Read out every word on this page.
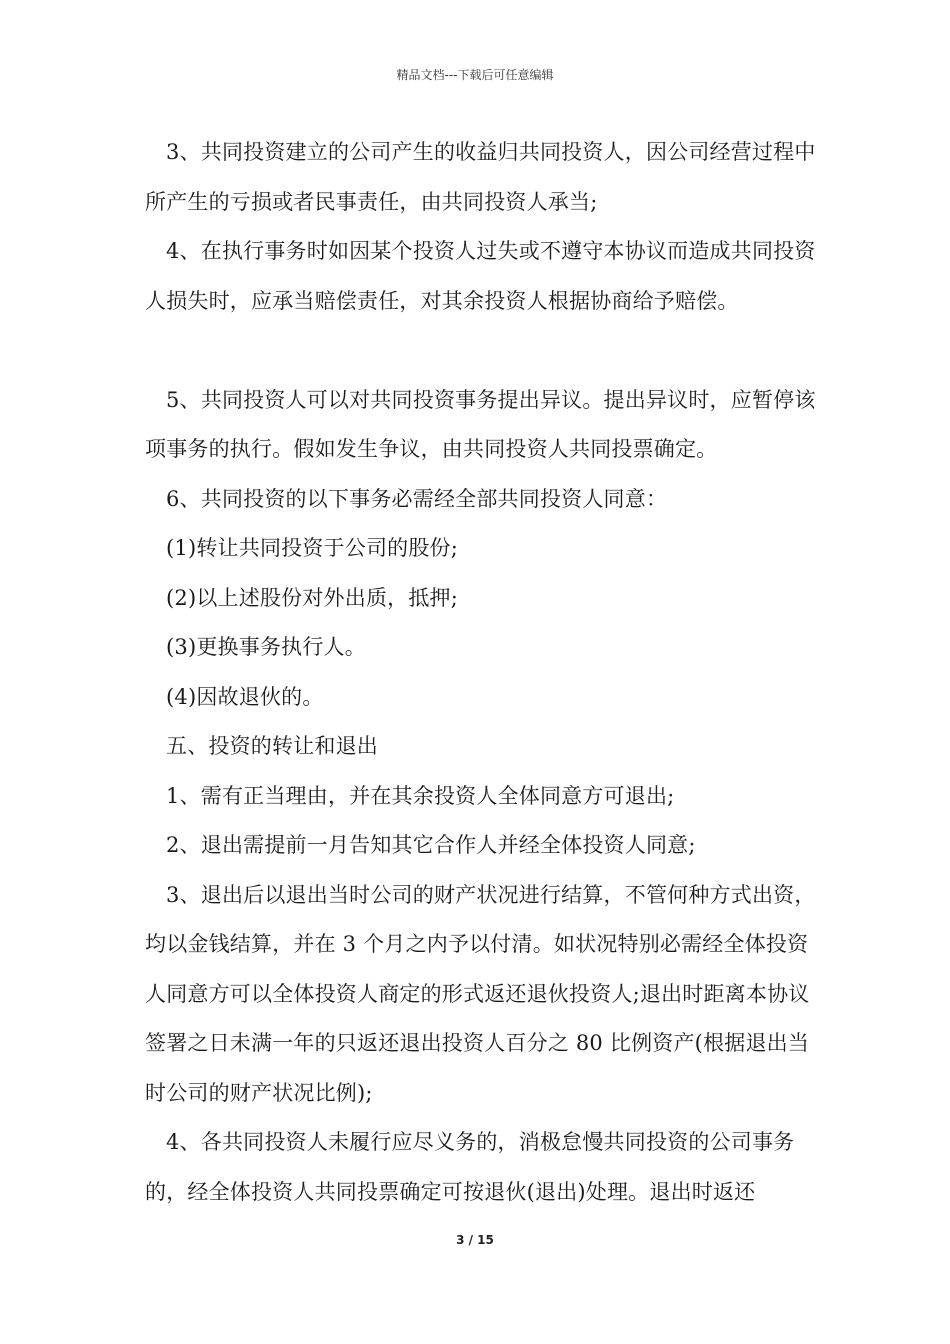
精品文档---下载后可任意编辑

3、共同投资建立的公司产生的收益归共同投资人，因公司经营过程中所产生的亏损或者民事责任，由共同投资人承当;

4、在执行事务时如因某个投资人过失或不遵守本协议而造成共同投资人损失时，应承当赔偿责任，对其余投资人根据协商给予赔偿。

5、共同投资人可以对共同投资事务提出异议。提出异议时，应暂停该项事务的执行。假如发生争议，由共同投资人共同投票确定。

6、共同投资的以下事务必需经全部共同投资人同意：

(1)转让共同投资于公司的股份;

(2)以上述股份对外出质，抵押;

(3)更换事务执行人。

(4)因故退伙的。

五、投资的转让和退出

1、需有正当理由，并在其余投资人全体同意方可退出;

2、退出需提前一月告知其它合作人并经全体投资人同意;

3、退出后以退出当时公司的财产状况进行结算，不管何种方式出资，均以金钱结算，并在 3 个月之内予以付清。如状况特别必需经全体投资人同意方可以全体投资人商定的形式返还退伙投资人;退出时距离本协议签署之日未满一年的只返还退出投资人百分之 80 比例资产(根据退出当时公司的财产状况比例);

4、各共同投资人未履行应尽义务的，消极怠慢共同投资的公司事务的，经全体投资人共同投票确定可按退伙(退出)处理。退出时返还

3 / 15
